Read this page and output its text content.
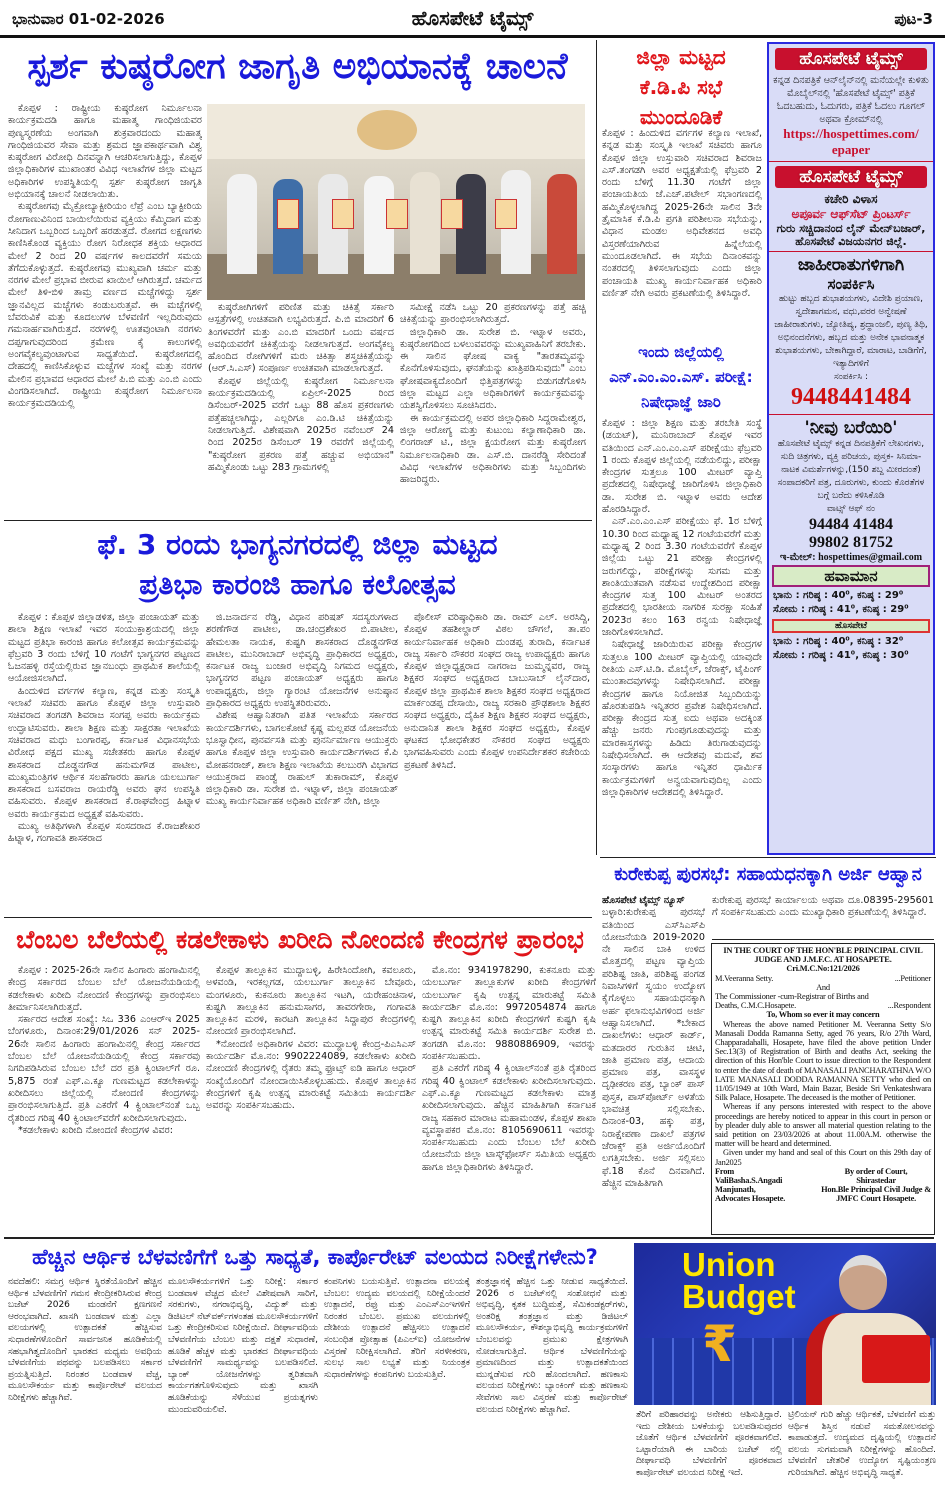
ಭಾನುವಾರ 01-02-2026	ಹೊಸಪೇಟೆ ಟೈಮ್ಸ್	ಪುಟ-3
ಸ್ಪರ್ಶ ಕುಷ್ಠರೋಗ ಜಾಗೃತಿ ಅಭಿಯಾನಕ್ಕೆ ಚಾಲನೆ

ಕೊಪ್ಪಳ : ರಾಷ್ಟ್ರೀಯ ಕುಷ್ಠರೋಗ ನಿರ್ಮೂಲನಾ ಕಾರ್ಯಕ್ರಮದಡಿ ಹಾಗೂ ಮಹಾತ್ಮ ಗಾಂಧಿಜಿಯವರ ಪುಣ್ಯಸ್ಮರಣೆಯ ಅಂಗವಾಗಿ ಶುಕ್ರವಾರದಂದು ಮಹಾತ್ಮ ಗಾಂಧಿಜಿಯವರ ಸೇವಾ ಮತ್ತು ಶ್ರಮದ ಜ್ಞಾಪಕಾರ್ಥವಾಗಿ ವಿಶ್ವ ಕುಷ್ಠರೋಗ ವಿರೋಧಿ ದಿನವನ್ನಾಗಿ ಆಚರಿಸಲಾಗುತ್ತಿದ್ದು, ಕೊಪ್ಪಳ ಜಿಲ್ಲಾಧಿಕಾರಿಗಳ ಮುಖಾಂತರ ವಿವಿಧ ಇಲಾಖೆಗಳ ಜಿಲ್ಲಾ ಮಟ್ಟದ ಅಧಿಕಾರಿಗಳ ಉಪಸ್ಥಿತಿಯಲ್ಲಿ ಸ್ಪರ್ಶ ಕುಷ್ಠರೋಗ ಜಾಗೃತಿ ಅಭಿಯಾನಕ್ಕೆ ಚಾಲನೆ ನೀಡಲಾಯಿತು.

ಕುಷ್ಠರೋಗವು ಮೈಕ್ರೋಬ್ಯಾಕ್ಟೀರಿಯಂ ಲೆಪ್ರೆ ಎಂಬ ಬ್ಯಾಕ್ಟೀರಿಯ ರೋಗಾಣುವಿನಿಂದ ಬಾಯಿಲೆಯಿರುವ ವ್ಯಕ್ತಿಯು ಕೆಮ್ಮಿದಾಗ ಮತ್ತು ಸೀನಿದಾಗ ಒಬ್ಬರಿಂದ ಒಬ್ಬರಿಗೆ ಹರಡುತ್ತದೆ. ರೋಗದ ಲಕ್ಷಣಗಳು ಕಾಣಿಸಿಕೊಂಡ ವ್ಯಕ್ತಿಯು ರೋಗ ನಿರೋಧಕ ಶಕ್ತಿಯ ಆಧಾರದ ಮೇಲೆ 2 ರಿಂದ 20 ವರ್ಷಗಳ ಕಾಲದವರೆಗೆ ಸಮಯ ತೆಗೆದುಕೊಳ್ಳುತ್ತದೆ. ಕುಷ್ಠರೋಗವು ಮುಖ್ಯವಾಗಿ ಚರ್ಮ ಮತ್ತು ನರಗಳ ಮೇಲೆ ಪ್ರಭಾವ ಬೀರುವ ಖಾಯಿಲೆ ಆಗಿರುತ್ತದೆ. ಚರ್ಮದ ಮೇಲೆ ತಿಳಿ-ಬಿಳಿ ತಾಮ್ರ ವರ್ಣದ ಮಚ್ಚೆಗಳಿದ್ದು ಸ್ಪರ್ಶ ಜ್ಞಾನವಿಲ್ಲದ ಮಚ್ಚೆಗಳು ಕಂಡುಬರುತ್ತವೆ. ಈ ಮಚ್ಚೆಗಳಲ್ಲಿ ಬೆವರುವಿಕೆ ಮತ್ತು ಕೂದಲುಗಳ ಬೆಳವಣಿಗೆ ಇಲ್ಲದಿರುವುದು ಗಮನಾರ್ಹವಾಗಿರುತ್ತದೆ. ನರಗಳಲ್ಲಿ ಊತವುಂಟಾಗಿ ನರಗಳು ದಪ್ಪಗಾಗುವುದರಿಂದ ಕ್ರಮೇಣ ಕೈ ಕಾಲುಗಳಲ್ಲಿ ಅಂಗವೈಕಲ್ಯವುಂಟಾಗುವ ಸಾಧ್ಯತೆಯಿದೆ. ಕುಷ್ಠರೋಗದಲ್ಲಿ ದೇಹದಲ್ಲಿ ಕಾಣಿಸಿಕೊಳ್ಳುವ ಮಚ್ಚೆಗಳ ಸಂಖ್ಯೆ ಮತ್ತು ನರಗಳ ಮೇಲಿನ ಪ್ರಭಾವದ ಆಧಾರದ ಮೇಲೆ ಪಿ.ಬಿ ಮತ್ತು ಎಂ.ಬಿ ಎಂದು ವಿಂಗಡಿಸಲಾಗಿದೆ. ರಾಷ್ಟ್ರೀಯ ಕುಷ್ಠರೋಗ ನಿರ್ಮೂಲನಾ ಕಾರ್ಯಕ್ರಮದಡಿಯಲ್ಲಿ

ಕುಷ್ಠರೋಗಿಗಳಿಗೆ ಪರಿಣಿತ ಮತ್ತು ಚಿಕಿತ್ಸೆ ಸರ್ಕಾರಿ ಆಸ್ಪತ್ರೆಗಳಲ್ಲಿ ಉಚಿತವಾಗಿ ಲಭ್ಯವಿರುತ್ತದೆ. ಪಿ.ಬಿ ಮಾದರಿಗೆ 6 ತಿಂಗಳವರೆಗೆ ಮತ್ತು ಎಂ.ಬಿ ಮಾದರಿಗೆ ಒಂದು ವರ್ಷದ ಅವಧಿಯವರೆಗೆ ಚಿಕಿತ್ಸೆಯನ್ನು ನೀಡಲಾಗುತ್ತದೆ. ಅಂಗವೈಕಲ್ಯ ಹೊಂದಿದ ರೋಗಿಗಳಿಗೆ ಮರು ಚಿಕಿತ್ಸಾ ಶಸ್ತ್ರಚಿಕಿತ್ಸೆಯನ್ನು (ಆರ್.ಸಿ.ಎಸ್) ಸಂಪೂರ್ಣ ಉಚಿತವಾಗಿ ಮಾಡಲಾಗುತ್ತದೆ.

ಕೊಪ್ಪಳ ಜಿಲ್ಲೆಯಲ್ಲಿ ಕುಷ್ಠರೋಗ ನಿರ್ಮೂಲನಾ ಕಾರ್ಯಕ್ರಮದಡಿಯಲ್ಲಿ ಏಪ್ರಿಲ್-2025 ರಿಂದ ಡಿಸೆಂಬರ್-2025 ವರೆಗೆ ಒಟ್ಟು 88 ಹೊಸ ಪ್ರಕರಣಗಳು ಪತ್ತೆಹಚ್ಚಲಾಗಿದ್ದು, ಎಲ್ಲರಿಗೂ ಎಂ.ಡಿ.ಟಿ ಚಿಕಿತ್ಸೆಯನ್ನು ನೀಡಲಾಗುತ್ತಿದೆ. ವಿಶೇಷವಾಗಿ 2025ರ ನವೆಂಬರ್ 24 ರಿಂದ 2025ರ ಡಿಸೆಂಬರ್ 19 ರವರೆಗೆ ಜಿಲ್ಲೆಯಲ್ಲಿ "ಕುಷ್ಠರೋಗ ಪ್ರಕರಣ ಪತ್ತೆ ಹಚ್ಚುವ ಅಭಿಯಾನ" ಹಮ್ಮಿಕೊಂಡು ಒಟ್ಟು 283 ಗ್ರಾಮಗಳಲ್ಲಿ

ಸಮೀಕ್ಷೆ ನಡೆಸಿ ಒಟ್ಟು 20 ಪ್ರಕರಣಗಳನ್ನು ಪತ್ತೆ ಹಚ್ಚಿ ಚಿಕಿತ್ಸೆಯನ್ನು ಪ್ರಾರಂಭಿಸಲಾಗಿರುತ್ತದೆ.

ಜಿಲ್ಲಾಧಿಕಾರಿ ಡಾ. ಸುರೇಶ ಬಿ. ಇಟ್ನಾಳ ಅವರು, ಕುಷ್ಠರೋಗದಿಂದ ಬಳಲುವವರನ್ನು ಮುಖ್ಯವಾಹಿನಿಗೆ ತರಬೇಕು. ಈ ಸಾಲಿನ ಘೋಷ ವಾಕ್ಯ "ತಾರತಮ್ಯವನ್ನು ಕೊನೆಗೊಳಿಸುವುದು, ಘನತೆಯನ್ನು ಖಾತ್ರಿಪಡಿಸುವುದು" ಎಂಬ ಘೋಷವಾಕ್ಯದೊಂದಿಗೆ ಭಿತ್ತಿಪತ್ರಗಳನ್ನು ಬಿಡುಗಡೆಗೊಳಿಸಿ ಜಿಲ್ಲಾ ಮಟ್ಟದ ಎಲ್ಲಾ ಅಧಿಕಾರಿಗಳಿಗೆ ಕಾರ್ಯಕ್ರಮವನ್ನು ಯಶಸ್ವಿಗೊಳಿಸಲು ಸೂಚಿಸಿದರು.

ಈ ಕಾರ್ಯಕ್ರಮದಲ್ಲಿ ಅಪರ ಜಿಲ್ಲಾಧಿಕಾರಿ ಸಿದ್ದರಾಮೇಶ್ವರ, ಜಿಲ್ಲಾ ಆರೋಗ್ಯ ಮತ್ತು ಕುಟುಂಬ ಕಲ್ಯಾಣಾಧಿಕಾರಿ ಡಾ. ಲಿಂಗರಾಜ್ ಟಿ., ಜಿಲ್ಲಾ ಕ್ಷಯರೋಗ ಮತ್ತು ಕುಷ್ಠರೋಗ ನಿರ್ಮೂಲನಾಧಿಕಾರಿ ಡಾ. ಎಸ್.ಬಿ. ದಾನರೆಡ್ಡಿ ಸೇರಿದಂತೆ ವಿವಿಧ ಇಲಾಖೆಗಳ ಅಧಿಕಾರಿಗಳು ಮತ್ತು ಸಿಬ್ಬಂದಿಗಳು ಹಾಜರಿದ್ದರು.

ಫೆ. 3 ರಂದು ಭಾಗ್ಯನಗರದಲ್ಲಿ ಜಿಲ್ಲಾ ಮಟ್ಟದ
ಪ್ರತಿಭಾ ಕಾರಂಜಿ ಹಾಗೂ ಕಲೋತ್ಸವ

ಕೊಪ್ಪಳ : ಕೊಪ್ಪಳ ಜಿಲ್ಲಾಡಳಿತ, ಜಿಲ್ಲಾ ಪಂಚಾಯತ್ ಮತ್ತು ಶಾಲಾ ಶಿಕ್ಷಣ ಇಲಾಖೆ ಇವರ ಸಂಯುಕ್ತಾಶ್ರಯದಲ್ಲಿ ಜಿಲ್ಲಾ ಮಟ್ಟದ ಪ್ರತಿಭಾ ಕಾರಂಜಿ ಹಾಗೂ ಕಲೋತ್ಸವ ಕಾರ್ಯಕ್ರಮವನ್ನು ಫೆಬ್ರವರಿ 3 ರಂದು ಬೆಳಿಗ್ಗೆ 10 ಗಂಟೆಗೆ ಭಾಗ್ಯನಗರ ಪಟ್ಟಣದ ಓಜನಹಳ್ಳಿ ರಸ್ತೆಯಲ್ಲಿರುವ ಜ್ಞಾನಬಂಧು ಪ್ರಾಥಮಿಕ ಶಾಲೆಯಲ್ಲಿ ಆಯೋಜಿಸಲಾಗಿದೆ.

ಹಿಂದುಳಿದ ವರ್ಗಗಳ ಕಲ್ಯಾಣ, ಕನ್ನಡ ಮತ್ತು ಸಂಸ್ಕೃತಿ ಇಲಾಖೆ ಸಚಿವರು ಹಾಗೂ ಕೊಪ್ಪಳ ಜಿಲ್ಲಾ ಉಸ್ತುವಾರಿ ಸಚಿವರಾದ ತಂಗಡಗಿ ಶಿವರಾಜ ಸಂಗಪ್ಪ ಅವರು ಕಾರ್ಯಕ್ರಮ ಉದ್ಘಾಟಿಸುವರು. ಶಾಲಾ ಶಿಕ್ಷಣ ಮತ್ತು ಸಾಕ್ಷರತಾ ಇಲಾಖೆಯ ಸಚಿವರಾದ ಮಧು ಬಂಗಾರಪ್ಪ, ಕರ್ನಾಟಕ ವಿಧಾನಸಭೆಯ ವಿರೋಧ ಪಕ್ಷದ ಮುಖ್ಯ ಸಚೇತಕರು ಹಾಗೂ ಕೊಪ್ಪಳ ಶಾಸಕರಾದ ದೊಡ್ಡನಗೌಡ ಹನುಮಗೌಡ ಪಾಟೀಲ, ಮುಖ್ಯಮಂತ್ರಿಗಳ ಆರ್ಥಿಕ ಸಲಹೆಗಾರರು ಹಾಗೂ ಯಲಬುರ್ಗಾ ಶಾಸಕರಾದ ಬಸವರಾಜ ರಾಯರೆಡ್ಡಿ ಅವರು ಘನ ಉಪಸ್ಥಿತಿ ವಹಿಸುವರು. ಕೊಪ್ಪಳ ಶಾಸಕರಾದ ಕೆ.ರಾಘವೇಂದ್ರ ಹಿಟ್ನಾಳ ಅವರು ಕಾರ್ಯಕ್ರಮದ ಅಧ್ಯಕ್ಷತೆ ವಹಿಸುವರು.

ಮುಖ್ಯ ಅತಿಥಿಗಳಾಗಿ ಕೊಪ್ಪಳ ಸಂಸದರಾದ ಕೆ.ರಾಜಶೇಖರ ಹಿಟ್ನಾಳ, ಗಂಗಾವತಿ ಶಾಸಕರಾದ

ಜಿ.ಜನಾರ್ದನ ರೆಡ್ಡಿ, ವಿಧಾನ ಪರಿಷತ್ ಸದಸ್ಯರುಗಳಾದ ಶರಣೆಗೌಡ ಪಾಟೀಲ, ಡಾ.ಚಂದ್ರಶೇಖರ ಬಿ.ಪಾಟೀಲ, ಹೇಮಲತಾ ನಾಯಕ, ಕುಷ್ಟಗಿ ಶಾಸಕರಾದ ದೊಡ್ಡನಗೌಡ ಪಾಟೀಲ, ಮುನಿರಾಬಾದ್ ಅಭಿವೃದ್ಧಿ ಪ್ರಾಧಿಕಾರದ ಅಧ್ಯಕ್ಷರು, ಕರ್ನಾಟಕ ರಾಜ್ಯ ಬಂಜಾರ ಅಭಿವೃದ್ಧಿ ನಿಗಮದ ಅಧ್ಯಕ್ಷರು, ಭಾಗ್ಯನಗರ ಪಟ್ಟಣ ಪಂಚಾಯತ್ ಅಧ್ಯಕ್ಷರು ಹಾಗೂ ಉಪಾಧ್ಯಕ್ಷರು, ಜಿಲ್ಲಾ ಗ್ಯಾರಂಟಿ ಯೋಜನೆಗಳ ಅನುಷ್ಠಾನ ಪ್ರಾಧಿಕಾರದ ಅಧ್ಯಕ್ಷರು ಉಪಸ್ಥಿತರಿರುವರು.

ವಿಶೇಷ ಆಹ್ವಾನಿತರಾಗಿ ಪತಿತ ಇಲಾಖೆಯ ಸರ್ಕಾರದ ಕಾರ್ಯದರ್ಶಿಗಳು, ಬಾಗಲಕೋಟೆ ಕೃಷ್ಣ ಮಲ್ಲಪಡ ಯೋಜನೆಯ ಭೂಸ್ವಾಧೀನ, ಪುನರ್ವಸತಿ ಮತ್ತು ಪುನರ್ನಿರ್ಮಾಣ ಆಯುಕ್ತರು ಹಾಗೂ ಕೊಪ್ಪಳ ಜಿಲ್ಲಾ ಉಸ್ತುವಾರಿ ಕಾರ್ಯದರ್ಶಿಗಳಾದ ಕೆ.ಪಿ ಮೋಹನರಾಜ್, ಶಾಲಾ ಶಿಕ್ಷಣ ಇಲಾಖೆಯ ಕಲಬುರಗಿ ವಿಭಾಗದ ಆಯುಕ್ತರಾದ ಪಾಂಡ್ವೆ ರಾಹುಲ್ ತುಕಾರಾಮ್, ಕೊಪ್ಪಳ ಜಿಲ್ಲಾಧಿಕಾರಿ ಡಾ. ಸುರೇಶ ಬಿ. ಇಟ್ನಾಳ್, ಜಿಲ್ಲಾ ಪಂಚಾಯತ್ ಮುಖ್ಯ ಕಾರ್ಯನಿರ್ವಾಹಕ ಅಧಿಕಾರಿ ವರ್ಣಿತ್ ನೇಗಿ, ಜಿಲ್ಲಾ

ಪೊಲೀಸ್ ವರಿಷ್ಠಾಧಿಕಾರಿ ಡಾ. ರಾಮ್ ಎಲ್. ಅರಸಿದ್ದಿ, ಕೊಪ್ಪಳ ತಹಶೀಲ್ದಾರ್ ವಿಠಲ ಚೌಗಲೆ, ತಾ.ಪಂ ಕಾರ್ಯನಿರ್ವಾಹಕ ಅಧಿಕಾರಿ ದುಂಡಪ್ಪ ತುರಾದಿ, ಕರ್ನಾಟಕ ರಾಜ್ಯ ಸರ್ಕಾರಿ ನೌಕರರ ಸಂಘದ ರಾಜ್ಯ ಉಪಾಧ್ಯಕ್ಷರು ಹಾಗೂ ಕೊಪ್ಪಳ ಜಿಲ್ಲಾಧ್ಯಕ್ಷರಾದ ನಾಗರಾಜ ಜುಮ್ಮನ್ನವರ, ರಾಜ್ಯ ಶಿಕ್ಷಕರ ಸಂಘದ ಅಧ್ಯಕ್ಷರಾದ ಬಾಬುಸಾಬ್ ಲೈನ್‌ದಾರ, ಕೊಪ್ಪಳ ಜಿಲ್ಲಾ ಪ್ರಾಥಮಿಕ ಶಾಲಾ ಶಿಕ್ಷಕರ ಸಂಘದ ಅಧ್ಯಕ್ಷರಾದ ಮಾರ್ಕಂಡಪ್ಪ ದೇಸಾಯಿ, ರಾಜ್ಯ ಸರಕಾರಿ ಪ್ರೌಢಶಾಲಾ ಶಿಕ್ಷಕರ ಸಂಘದ ಅಧ್ಯಕ್ಷರು, ದೈಹಿಕ ಶಿಕ್ಷಣ ಶಿಕ್ಷಕರ ಸಂಘದ ಅಧ್ಯಕ್ಷರು, ಅನುದಾನಿತ ಶಾಲಾ ಶಿಕ್ಷಕರ ಸಂಘದ ಅಧ್ಯಕ್ಷರು, ಕೊಪ್ಪಳ ಘಟಕದ ಭೋಧಕೇತರ ನೌಕರರ ಸಂಘದ ಅಧ್ಯಕ್ಷರು ಭಾಗವಹಿಸುವರು ಎಂದು ಕೊಪ್ಪಳ ಉಪನಿರ್ದೇಶಕರ ಕಚೇರಿಯ ಪ್ರಕಟಣೆ ತಿಳಿಸಿದೆ.

ಬೆಂಬಲ ಬೆಲೆಯಲ್ಲಿ ಕಡಲೇಕಾಳು ಖರೀದಿ ನೋಂದಣಿ ಕೇಂದ್ರಗಳ ಪ್ರಾರಂಭ

ಕೊಪ್ಪಳ : 2025-26ನೇ ಸಾಲಿನ ಹಿಂಗಾರು ಹಂಗಾಮಿನಲ್ಲಿ ಕೇಂದ್ರ ಸರ್ಕಾರದ ಬೆಂಬಲ ಬೆಲೆ ಯೋಜನೆಯಡಿಯಲ್ಲಿ ಕಡಲೇಕಾಳು ಖರೀದಿ ನೋಂದಣಿ ಕೇಂದ್ರಗಳನ್ನು ಪ್ರಾರಂಭಿಸಲು ತೀರ್ಮಾನಿಸಲಾಗಿರುತ್ತದೆ.

ಸರ್ಕಾರದ ಆದೇಶ ಸಂಖ್ಯೆ: ಸಿಒ 336 ಎಂಆರ್‌ಇ 2025 ಬೆಂಗಳೂರು, ದಿನಾಂಕ:29/01/2026 ಸನ್ 2025-26ನೇ ಸಾಲಿನ ಹಿಂಗಾರು ಹಂಗಾಮಿನಲ್ಲಿ ಕೇಂದ್ರ ಸರ್ಕಾರದ ಬೆಂಬಲ ಬೆಲೆ ಯೋಜನೆಯಡಿಯಲ್ಲಿ ಕೇಂದ್ರ ಸರ್ಕಾರವು ನಿಗದಿಪಡಿಸಿರುವ ಬೆಂಬಲ ಬೆಲೆ ದರ ಪ್ರತಿ ಕ್ವಿಂಟಾಲ್‌ಗೆ ರೂ. 5,875 ರಂತೆ ಎಫ್.ಎ.ಕ್ಯೂ ಗುಣಮಟ್ಟದ ಕಡಲೇಕಾಳನ್ನು ಖರೀದಿಸಲು ಜಿಲ್ಲೆಯಲ್ಲಿ ನೋಂದಣಿ ಕೇಂದ್ರಗಳನ್ನು ಪ್ರಾರಂಭಿಸಲಾಗುತ್ತಿದೆ. ಪ್ರತಿ ಎಕರೆಗೆ 4 ಕ್ವಿಂಟಾಲ್‌ನಂತೆ ಒಬ್ಬ ರೈತರಿಂದ ಗರಿಷ್ಠ 40 ಕ್ವಿಂಟಾಲ್‌ವರೆಗೆ ಖರೀದಿಸಲಾಗುವುದು.

*ಕಡಲೇಕಾಳು ಖರೀದಿ ನೋಂದಣಿ ಕೇಂದ್ರಗಳ ವಿವರ:

ಕೊಪ್ಪಳ ತಾಲ್ಲೂಕಿನ ಮುದ್ದಾಬಳ್ಳಿ, ಹಿರೇಸಿಂದೋಗಿ, ಕವಲೂರು, ಅಳವಂಡಿ, ಇರಕಲ್ಲಗಡ, ಯಲಬುರ್ಗಾ ತಾಲ್ಲೂಕಿನ ಬೇವೂರು, ಮಂಗಳೂರು, ಕುಕನೂರು ತಾಲ್ಲೂಕಿನ ಇಟಗಿ, ಯರೇಹಂಚಿನಾಳ, ಕುಷ್ಟಗಿ ತಾಲ್ಲೂಕಿನ ಹನುಮಸಾಗರ, ತಾವರಗೇರಾ, ಗಂಗಾವತಿ ತಾಲ್ಲೂಕಿನ ಮರಳಿ, ಕಾರಟಗಿ ತಾಲ್ಲೂಕಿನ ಸಿದ್ದಾಪುರ ಕೇಂದ್ರಗಳಲ್ಲಿ ನೋಂದಣಿ ಪ್ರಾರಂಭಿಸಲಾಗಿದೆ.

*ನೋಂದಣಿ ಅಧಿಕಾರಿಗಳ ವಿವರ: ಮುದ್ದಾಬಳ್ಳಿ ಕೇಂದ್ರ-ಪಿಎಸಿಎಸ್ ಕಾರ್ಯದರ್ಶಿ ಮೊ.ನಂ: 9902224089, ಕಡಲೇಕಾಳು ಖರೀದಿ ನೋಂದಣಿ ಕೇಂದ್ರಗಳಲ್ಲಿ ರೈತರು ತಮ್ಮ ಫ್ರೂಟ್ಸ್ ಐಡಿ ಹಾಗೂ ಆಧಾರ್ ಸಂಖ್ಯೆಯೊಂದಿಗೆ ನೋಂದಾಯಿಸಿಕೊಳ್ಳಬಹುದು. ಕೊಪ್ಪಳ ತಾಲ್ಲೂಕಿನ ಕೇಂದ್ರಗಳಿಗೆ ಕೃಷಿ ಉತ್ಪನ್ನ ಮಾರುಕಟ್ಟೆ ಸಮಿತಿಯ ಕಾರ್ಯದರ್ಶಿ ಅವರನ್ನು ಸಂಪರ್ಕಿಸಬಹುದು.

ಮೊ.ನಂ: 9341978290, ಕುಕನೂರು ಮತ್ತು ಯಲಬುರ್ಗಾ ತಾಲ್ಲೂಕುಗಳ ಖರೀದಿ ಕೇಂದ್ರಗಳಿಗೆ ಯಲಬುರ್ಗಾ ಕೃಷಿ ಉತ್ಪನ್ನ ಮಾರುಕಟ್ಟೆ ಸಮಿತಿ ಕಾರ್ಯದರ್ಶಿ ಮೊ.ನಂ: 9972054874 ಹಾಗೂ ಕುಷ್ಟಗಿ ತಾಲ್ಲೂಕಿನ ಖರೀದಿ ಕೇಂದ್ರಗಳಿಗೆ ಕುಷ್ಟಗಿ ಕೃಷಿ ಉತ್ಪನ್ನ ಮಾರುಕಟ್ಟೆ ಸಮಿತಿ ಕಾರ್ಯದರ್ಶಿ ಸುರೇಶ ಬಿ. ತಂಗಡಗಿ ಮೊ.ನಂ: 9880886909, ಇವರನ್ನು ಸಂಪರ್ಕಿಸಬಹುದು.

ಪ್ರತಿ ಎಕರೆಗೆ ಗರಿಷ್ಠ 4 ಕ್ವಿಂಟಾಲ್‌ನಂತೆ ಪ್ರತಿ ರೈತರಿಂದ ಗರಿಷ್ಠ 40 ಕ್ವಿಂಟಾಲ್ ಕಡಲೇಕಾಳು ಖರೀದಿಸಲಾಗುವುದು. ಎಫ್.ಎ.ಕ್ಯೂ ಗುಣಮಟ್ಟದ ಕಡಲೇಕಾಳು ಮಾತ್ರ ಖರೀದಿಸಲಾಗುವುದು. ಹೆಚ್ಚಿನ ಮಾಹಿತಿಗಾಗಿ ಕರ್ನಾಟಕ ರಾಜ್ಯ ಸಹಕಾರ ಮಾರಾಟ ಮಹಾಮಂಡಳ, ಕೊಪ್ಪಳ ಶಾಖಾ ವ್ಯವಸ್ಥಾಪಕರ ಮೊ.ನಂ: 8105690611 ಇವರನ್ನು ಸಂಪರ್ಕಿಸಬಹುದು ಎಂದು ಬೆಂಬಲ ಬೆಲೆ ಖರೀದಿ ಯೋಜನೆಯ ಜಿಲ್ಲಾ ಟಾಸ್ಕ್‌ಫೋರ್ಸ್ ಸಮಿತಿಯ ಅಧ್ಯಕ್ಷರು ಹಾಗೂ ಜಿಲ್ಲಾಧಿಕಾರಿಗಳು ತಿಳಿಸಿದ್ದಾರೆ.

ಜಿಲ್ಲಾ ಮಟ್ಟದ
ಕೆ.ಡಿ.ಪಿ ಸಭೆ
ಮುಂದೂಡಿಕೆ

ಕೊಪ್ಪಳ : ಹಿಂದುಳಿದ ವರ್ಗಗಳ ಕಲ್ಯಾಣ ಇಲಾಖೆ, ಕನ್ನಡ ಮತ್ತು ಸಂಸ್ಕೃತಿ ಇಲಾಖೆ ಸಚಿವರು ಹಾಗೂ ಕೊಪ್ಪಳ ಜಿಲ್ಲಾ ಉಸ್ತುವಾರಿ ಸಚಿವರಾದ ಶಿವರಾಜ ಎಸ್.ತಂಗಡಗಿ ಅವರ ಅಧ್ಯಕ್ಷತೆಯಲ್ಲಿ ಫೆಬ್ರವರಿ 2 ರಂದು ಬೆಳಿಗ್ಗೆ 11.30 ಗಂಟೆಗೆ ಜಿಲ್ಲಾ ಪಂಚಾಯತಿಯ ಜೆ.ಎಚ್.ಪಟೇಲ್ ಸಭಾಂಗಣದಲ್ಲಿ ಹಮ್ಮಿಕೊಳ್ಳಲಾಗಿದ್ದ 2025-26ನೇ ಸಾಲಿನ 3ನೇ ತ್ರೈಮಾಸಿಕ ಕೆ.ಡಿ.ಪಿ ಪ್ರಗತಿ ಪರಿಶೀಲನಾ ಸಭೆಯನ್ನು, ವಿಧಾನ ಮಂಡಲ ಅಧಿವೇಶನದ ಅವಧಿ ವಿಸ್ತರಣೆಯಾಗಿರುವ ಹಿನ್ನೆಲೆಯಲ್ಲಿ ಮುಂದೂಡಲಾಗಿದೆ. ಈ ಸಭೆಯ ದಿನಾಂಕವನ್ನು ನಂತರದಲ್ಲಿ ತಿಳಿಸಲಾಗುವುದು ಎಂದು ಜಿಲ್ಲಾ ಪಂಚಾಯತಿ ಮುಖ್ಯ ಕಾರ್ಯನಿರ್ವಾಹಕ ಅಧಿಕಾರಿ ವರ್ಣಿತ್ ನೇಗಿ ಅವರು ಪ್ರಕಟಣೆಯಲ್ಲಿ ತಿಳಿಸಿದ್ದಾರೆ.

ಇಂದು ಜಿಲ್ಲೆಯಲ್ಲಿ
ಎನ್.ಎಂ.ಎಂ.ಎಸ್. ಪರೀಕ್ಷೆ:
ನಿಷೇಧಾಜ್ಞೆ ಜಾರಿ

ಕೊಪ್ಪಳ : ಜಿಲ್ಲಾ ಶಿಕ್ಷಣ ಮತ್ತು ತರಬೇತಿ ಸಂಸ್ಥೆ (ಡಯಟ್), ಮುನಿರಾಬಾದ್ ಕೊಪ್ಪಳ ಇವರ ವತಿಯಿಂದ ಎನ್.ಎಂ.ಎಂ.ಎಸ್ ಪರೀಕ್ಷೆಯು ಫೆಬ್ರವರಿ 1 ರಂದು ಕೊಪ್ಪಳ ಜಿಲ್ಲೆಯಲ್ಲಿ ನಡೆಯಲಿದ್ದು, ಪರೀಕ್ಷಾ ಕೇಂದ್ರಗಳ ಸುತ್ತಲೂ 100 ಮೀಟರ್ ವ್ಯಾಪ್ತಿ ಪ್ರದೇಶದಲ್ಲಿ ನಿಷೇಧಾಜ್ಞೆ ಜಾರಿಗೊಳಿಸಿ ಜಿಲ್ಲಾಧಿಕಾರಿ ಡಾ. ಸುರೇಶ ಬಿ. ಇಟ್ನಾಳ ಅವರು ಆದೇಶ ಹೊರಡಿಸಿದ್ದಾರೆ.

ಎನ್.ಎಂ.ಎಂ.ಎಸ್ ಪರೀಕ್ಷೆಯು ಫೆ. 1ರ ಬೆಳಿಗ್ಗೆ 10.30 ರಿಂದ ಮಧ್ಯಾಹ್ನ 12 ಗಂಟೆಯವರೆಗೆ ಮತ್ತು ಮಧ್ಯಾಹ್ನ 2 ರಿಂದ 3.30 ಗಂಟೆಯವರೆಗೆ ಕೊಪ್ಪಳ ಜಿಲ್ಲೆಯ ಒಟ್ಟು 21 ಪರೀಕ್ಷಾ ಕೇಂದ್ರಗಳಲ್ಲಿ ಜರುಗಲಿದ್ದು, ಪರೀಕ್ಷೆಗಳನ್ನು ಸುಗಮ ಮತ್ತು ಶಾಂತಿಯುತವಾಗಿ ನಡೆಸುವ ಉದ್ದೇಶದಿಂದ ಪರೀಕ್ಷಾ ಕೇಂದ್ರಗಳ ಸುತ್ತ 100 ಮೀಟರ್ ಅಂತರದ ಪ್ರದೇಶದಲ್ಲಿ ಭಾರತೀಯ ನಾಗರಿಕ ಸುರಕ್ಷಾ ಸಂಹಿತೆ 2023ರ ಕಲಂ 163 ರನ್ವಯ ನಿಷೇಧಾಜ್ಞೆ ಜಾರಿಗೊಳಿಸಲಾಗಿದೆ.

ನಿಷೇಧಾಜ್ಞೆ ಜಾರಿಯಿರುವ ಪರೀಕ್ಷಾ ಕೇಂದ್ರಗಳ ಸುತ್ತಲೂ 100 ಮೀಟರ್ ವ್ಯಾಪ್ತಿಯಲ್ಲಿ ಯಾವುದೇ ರೀತಿಯ ಎಸ್.ಟಿ.ಡಿ. ಮೊಬೈಲ್, ಜೆರಾಕ್ಸ್, ಟೈಪಿಂಗ್ ಮುಂತಾದವುಗಳನ್ನು ನಿಷೇಧಿಸಲಾಗಿದೆ. ಪರೀಕ್ಷಾ ಕೇಂದ್ರಗಳ ಹಾಗೂ ನಿಯೋಜಿತ ಸಿಬ್ಬಂದಿಯನ್ನು ಹೊರತುಪಡಿಸಿ ಇನ್ನಿತರರ ಪ್ರವೇಶ ನಿಷೇಧಿಸಲಾಗಿದೆ. ಪರೀಕ್ಷಾ ಕೇಂದ್ರದ ಸುತ್ತ ಐದು ಅಥವಾ ಅದಕ್ಕಿಂತ ಹೆಚ್ಚು ಜನರು ಗುಂಪುಗೂಡುವುದನ್ನು ಮತ್ತು ಮಾರಕಾಸ್ತ್ರಗಳನ್ನು ಹಿಡಿದು ತಿರುಗಾಡುವುದನ್ನು ನಿಷೇಧಿಸಲಾಗಿದೆ. ಈ ಆದೇಶವು ಮದುವೆ, ಶವ ಸಂಸ್ಕಾರಗಳು ಹಾಗೂ ಇನ್ನಿತರ ಧಾರ್ಮಿಕ ಕಾರ್ಯಕ್ರಮಗಳಿಗೆ ಅನ್ವಯವಾಗುವುದಿಲ್ಲ ಎಂದು ಜಿಲ್ಲಾಧಿಕಾರಿಗಳ ಆದೇಶದಲ್ಲಿ ತಿಳಿಸಿದ್ದಾರೆ.

ಹೊಸಪೇಟೆ ಟೈಮ್ಸ್
ಕನ್ನಡ ದಿನಪತ್ರಿಕೆ ಆನ್‌ಲೈನ್‌ನಲ್ಲಿ ಮನೆಯಲ್ಲೇ ಕುಳಿತು ಮೊಬೈಲ್‌ನಲ್ಲಿ 'ಹೊಸಪೇಟೆ ಟೈಮ್ಸ್' ಪತ್ರಿಕೆ ಓದಬಹುದು, ಓದುಗರು, ಪತ್ರಿಕೆ ಓದಲು ಗೂಗಲ್ ಅಥವಾ ಕ್ರೋಮ್‌ನಲ್ಲಿ
https://hospettimes.com/ epaper
ಹೊಸಪೇಟೆ ಟೈಮ್ಸ್
ಕಚೇರಿ ವಿಳಾಸ
ಅಪೂರ್ವ ಆಫ್‌ಸೆಟ್ ಪ್ರಿಂಟರ್ಸ್
ಗುರು ಸಚ್ಚಿದಾನಂದ ಲೈನ್ ಮೇನ್‌ಬಜಾರ್, ಹೊಸಪೇಟೆ ವಿಜಯನಗರ ಜಿಲ್ಲೆ.
ಜಾಹೀರಾತುಗಳಿಗಾಗಿ
ಸಂಪರ್ಕಿಸಿ
ಹುಟ್ಟು ಹಬ್ಬದ ಶುಭಾಶಯಗಳು, ವಿದೇಶಿ ಪ್ರಯಾಣ, ಸ್ವದೇಶಾಗಮನ, ವಧು,ವರರ ಅನ್ವೇಷಣೆ ಜಾಹೀರಾತುಗಳು, ಜ್ಯೋತಿಷ್ಯ, ಶ್ರದ್ಧಾಂಜಲಿ, ಪುಣ್ಯ ತಿಥಿ, ಅಭಿನಂದನೆಗಳು, ಹಬ್ಬದ ಮತ್ತು ಅನೇಕ ಭಾವನಾತ್ಮಕ ಶುಭಾಶಯಗಳು, ಬೇಕಾಗಿದ್ದಾರೆ, ಮಾರಾಟ, ಬಾಡಿಗೆಗೆ, ಇತ್ಯಾದಿಗಳಿಗೆ
ಸಂಪರ್ಕಿಸಿ :
9448441484
'ನೀವು ಬರೆಯಿರಿ'
ಹೊಸಪೇಟೆ ಟೈಮ್ಸ್ ಕನ್ನಡ ದಿನಪತ್ರಿಕೆಗೆ ಲೇಖನಗಳು, ಸುದಿ ಚಿತ್ರಗಳು, ವ್ಯಕ್ತಿ ಪರಿಚಯ, ಪುಸ್ತಕ- ಸಿನಿಮಾ-ನಾಟಕ ವಿಮರ್ಶೆಗಳನ್ನು,(150 ಶಬ್ದ ಮೀರದಂತೆ) ಸಂಪಾದಕರಿಗೆ ಪತ್ರ, ದೂರುಗಳು, ಕುಂದು ಕೊರತೆಗಳ ಬಗ್ಗೆ ಬರೆದು ಕಳಿಸಿಕೊಡಿ
ವಾಟ್ಸ್ ಆಫ್ ನಂ
94484 41484
99802 81752
ಇ-ಮೇಲ್: hospettimes@gmail.com
ಹವಾಮಾನ
ಭಾನು : ಗರಿಷ್ಠ : 40⁰, ಕನಿಷ್ಠ : 29⁰
ಸೋಮ : ಗರಿಷ್ಠ : 41⁰, ಕನಿಷ್ಠ : 29⁰
ಹೊಸಪೇಟೆ
ಭಾನು : ಗರಿಷ್ಠ : 40⁰, ಕನಿಷ್ಠ : 32⁰
ಸೋಮ : ಗರಿಷ್ಠ : 41⁰, ಕನಿಷ್ಠ : 30⁰
ಕುರೇಕುಪ್ಪ ಪುರಸಭೆ: ಸಹಾಯಧನಕ್ಕಾಗಿ ಅರ್ಜಿ ಆಹ್ವಾನ
ಹೊಸಪೇಟೆ ಟೈಮ್ಸ್ ನ್ಯೂಸ್

ಬಳ್ಳಾರಿ:ಕುರೇಕುಪ್ಪ ಪುರಸಭೆ ವತಿಯಿಂದ ಎಸ್‌ಸಿಎಸ್‌ಪಿ ಯೋಜನೆಯಡಿ 2019-2020 ನೇ ಸಾಲಿನ ಬಾಕಿ ಉಳಿದ ಮೊತ್ತದಲ್ಲಿ ಪಟ್ಟಣ ವ್ಯಾಪ್ತಿಯ ಪರಿಶಿಷ್ಟ ಜಾತಿ, ಪರಿಶಿಷ್ಟ ಪಂಗಡ ನಿವಾಸಿಗಳಿಗೆ ಸ್ವಯಂ ಉದ್ಯೋಗ ಕೈಗೊಳ್ಳಲು ಸಹಾಯಧನಕ್ಕಾಗಿ ಅರ್ಹ ಫಲಾನುಭವಿಗಳಿಂದ ಅರ್ಜಿ ಆಹ್ವಾನಿಸಲಾಗಿದೆ. *ಬೇಕಾದ ದಾಖಲೆಗಳು: ಆಧಾರ್ ಕಾರ್ಡ್, ಮತದಾರರ ಗುರುತಿನ ಚೀಟಿ, ಜಾತಿ ಪ್ರಮಾಣ ಪತ್ರ, ಆದಾಯ ಪ್ರಮಾಣ ಪತ್ರ, ವಾಸಸ್ಥಳ ದೃಢೀಕರಣ ಪತ್ರ, ಬ್ಯಾಂಕ್ ಪಾಸ್ ಪುಸ್ತಕ, ಪಾಸ್‌ಪೋರ್ಟ್ ಅಳತೆಯ ಭಾವಚಿತ್ರ ಸಲ್ಲಿಸಬೇಕು. ದಿನಾಂಕ-03, ಹಕ್ಕು ಪತ್ರ, ನಿರಾಕ್ಷೇಪಣಾ ದಾಖಲೆ ಪತ್ರಗಳ ಜೆರಾಕ್ಸ್ ಪ್ರತಿ ಅರ್ಜಿಯೊಂದಿಗೆ ಲಗತ್ತಿಸಬೇಕು. ಅರ್ಜಿ ಸಲ್ಲಿಸಲು ಫೆ.18 ಕೊನೆ ದಿನವಾಗಿದೆ. ಹೆಚ್ಚಿನ ಮಾಹಿತಿಗಾಗಿ

ಕುರೇಕುಪ್ಪ ಪುರಸಭೆ ಕಾರ್ಯಾಲಯ ಅಥವಾ ದೂ.08395-295601 ಗೆ ಸಂಪರ್ಕಿಸಬಹುದು ಎಂದು ಮುಖ್ಯಾಧಿಕಾರಿ ಪ್ರಕಟಣೆಯಲ್ಲಿ ತಿಳಿಸಿದ್ದಾರೆ.

IN THE COURT OF THE HON'BLE PRINCIPAL CIVIL JUDGE AND J.M.F.C. AT HOSAPETE.
Cri.M.C.No:121/2026
M.Veeranna Setty.	...Petitioner
And
The Commissioner -cum-Registrar of Births and Deaths, C.M.C.Hosapete.	...Respondent
To, Whom so ever it may concern

Whereas the above named Petitioner M. Veeranna Setty S/o Manasali Dodda Ramanna Setty, aged 76 years, R/o 27th Ward, Chapparadahalli, Hosapete, have filed the above petition Under Sec.13(3) of Registration of Birth and deaths Act, seeking the direction of this Hon'ble Court to issue direction to the Respondent to enter the date of death of MANASALI PANCHARATHNA W/O LATE MANASALI DODDA RAMANNA SETTY who died on 11/05/1949 at 10th Ward, Main Bazar, Beside Sri Venkateshwara Silk Palace, Hosapete. The deceased is the mother of Petitioner.

Whereas if any persons interested with respect to the above proceedings are hereby noticed to appear in this court in person or by pleader duly able to answer all material question relating to the said petition on 23/03/2026 at about 11.00A.M. otherwise the matter will be heard and determined.

Given under my hand and seal of this Court on this 29th day of Jan2025

From
ValiBasha.S.Angadi
Manjunath,
Advocates Hosapete.
By order of Court,
Shirastedar
Hon.Ble Principal Civil Judge &
JMFC Court Hosapete.
ಹೆಚ್ಚಿನ ಆರ್ಥಿಕ ಬೆಳವಣಿಗೆಗೆ ಒತ್ತು ಸಾಧ್ಯತೆ, ಕಾರ್ಪೊರೇಟ್ ವಲಯದ ನಿರೀಕ್ಷೆಗಳೇನು?
ನವದೆಹಲಿ: ಸಮಗ್ರ ಆರ್ಥಿಕ ಸ್ಥಿರತೆಯೊಂದಿಗೆ ಹೆಚ್ಚಿನ ಆರ್ಥಿಕ ಬೆಳವಣಿಗೆಗೆ ಗಮನ ಕೇಂದ್ರೀಕರಿಸಿರುವ ಕೇಂದ್ರ ಬಜೆಟ್ 2026 ಮಂಡನೆಗೆ ಕ್ಷಣಗಣನೆ ಆರಂಭವಾಗಿದೆ. ಖಾಸಗಿ ಬಂಡವಾಳ ಮತ್ತು ಎಲ್ಲಾ ವಲಯಗಳಲ್ಲಿ ಉತ್ಪಾದಕತೆ ಹೆಚ್ಚಿಸುವ ಸುಧಾರಣೆಗಳೊಂದಿಗೆ ಸಾರ್ವಜನಿಕ ಹೂಡಿಕೆಯಲ್ಲಿ ಸಹಭಾಗಿತ್ವದೊಂದಿಗೆ ಭಾರತದ ಮಧ್ಯಮ ಅವಧಿಯ ಬೆಳವಣಿಗೆಯ ಪಥವನ್ನು ಬಲಪಡಿಸಲು ಸರ್ಕಾರ ಪ್ರಯತ್ನಿಸುತ್ತಿದೆ. ನಿರಂತರ ಬಂಡವಾಳ ವೆಚ್ಚ, ಮೂಲಸೌಕರ್ಯ ಮತ್ತು ಕಾರ್ಪೊರೇಟ್ ವಲಯದ ನಿರೀಕ್ಷೆಗಳು ಹೆಚ್ಚಾಗಿವೆ.
ಮೂಲಸೌಕರ್ಯಗಳಿಗೆ ಒತ್ತು ನಿರೀಕ್ಷೆ: ಸರ್ಕಾರ ಬಂಡವಾಳ ವೆಚ್ಚದ ಮೇಲೆ ವಿಶೇಷವಾಗಿ ಸಾರಿಗೆ, ಸರಕುಗಳು, ನಗರಾಭಿವೃದ್ಧಿ, ವಿದ್ಯುತ್ ಮತ್ತು ಡಿಜಿಟಲ್ ನೆಟ್‌ವರ್ಕ್‌ಗಳಂತಹ ಮೂಲಸೌಕರ್ಯಗಳಿಗೆ ಒತ್ತು ಕೇಂದ್ರೀಕರಿಸುವ ನಿರೀಕ್ಷೆಯಿದೆ. ದೀರ್ಘಾವಧಿಯ ಬೆಳವಣಿಗೆಯ ಬೆಂಬಲ ಮತ್ತು ದಕ್ಷತೆ ಸುಧಾರಣೆ, ಹೂಡಿಕೆ ಹೆಚ್ಚಳ ಮತ್ತು ಭಾರತದ ದೀರ್ಘಾವಧಿಯ ಬೆಳವಣಿಗೆಗೆ ಸಾಮರ್ಥ್ಯವನ್ನು ಬಲಪಡಿಸಲಿದೆ. ಬ್ಯಾಂಕ್ ಯೋಜನೆಗಳನ್ನು ತ್ವರಿತವಾಗಿ ಕಾರ್ಯಗತಗೊಳಿಸುವುದು ಮತ್ತು ಖಾಸಗಿ ಹೂಡಿಕೆಯನ್ನು ಸೆಳೆಯುವ ಪ್ರಯತ್ನಗಳು ಮುಂದುವರಿಯಲಿವೆ.
ಕಂಪನಿಗಳು ಬಯಸುತ್ತಿವೆ. ಉತ್ಪಾದನಾ ವಲಯಕ್ಕೆ ಬೆಂಬಲ: ಉದ್ಯಮ ವಲಯದಲ್ಲಿ ನಿರೀಕ್ಷೆಯೆಂದರೆ ಉತ್ಪಾದನೆ, ರಫ್ತು ಮತ್ತು ಎಂಎಸ್‌ಎಂಇಗಳಿಗೆ ನಿರಂತರ ಬೆಂಬಲ. ಪ್ರಮುಖ ವಲಯಗಳಲ್ಲಿ ದೇಶೀಯ ಉತ್ಪಾದನೆ ಹೆಚ್ಚಿಸಲು ಉತ್ಪಾದನೆ ಸಂಬಂಧಿತ ಪ್ರೋತ್ಸಾಹ (ಪಿಎಲ್‌ಐ) ಯೋಜನೆಗಳ ವಿಸ್ತರಣೆ ನಿರೀಕ್ಷಿಸಲಾಗಿದೆ. ತೆರಿಗೆ ಸರಳೀಕರಣ, ಸುಲಭ ಸಾಲ ಲಭ್ಯತೆ ಮತ್ತು ನಿಯಂತ್ರಕ ಸುಧಾರಣೆಗಳನ್ನು ಕಂಪನಿಗಳು ಬಯಸುತ್ತಿವೆ.
ತಂತ್ರಜ್ಞಾನಕ್ಕೆ ಹೆಚ್ಚಿನ ಒತ್ತು ನೀಡುವ ಸಾಧ್ಯತೆಯಿದೆ. 2026 ರ ಬಜೆಟ್‌ನಲ್ಲಿ ಸಂಶೋಧನೆ ಮತ್ತು ಅಭಿವೃದ್ಧಿ, ಕೃತಕ ಬುದ್ಧಿಮತ್ತೆ, ಸೆಮಿಕಂಡಕ್ಟರ್‌ಗಳು, ಅಂತರಿಕ್ಷ ತಂತ್ರಜ್ಞಾನ ಮತ್ತು ಡಿಜಿಟಲ್ ಮೂಲಸೌಕರ್ಯ, ಕೌಶಲ್ಯಾಭಿವೃದ್ಧಿ ಕಾರ್ಯಕ್ರಮಗಳಿಗೆ ಬೆಂಬಲವನ್ನು ಪ್ರಮುಖ ಕ್ಷೇತ್ರಗಳಾಗಿ ನೋಡಲಾಗುತ್ತಿದೆ. ಆರ್ಥಿಕ ಬೆಳವಣಿಗೆಯನ್ನು ಪ್ರಮಾಣದಿಂದ ಮತ್ತು ಉತ್ಪಾದಕತೆಯಿಂದ ಮುನ್ನಡೆಸುವ ಗುರಿ ಹೊಂದಲಾಗಿದೆ. ಹಣಕಾಸು ವಲಯದ ನಿರೀಕ್ಷೆಗಳು: ಬ್ಯಾಂಕಿಂಗ್ ಮತ್ತು ಹಣಕಾಸು ಸೇವೆಗಳು ಸಾಲ ವಿಸ್ತರಣೆ ಮತ್ತು ಕಾರ್ಪೊರೇಟ್ ವಲಯದ ನಿರೀಕ್ಷೆಗಳು ಹೆಚ್ಚಾಗಿವೆ.
Union Budget
₹
ತೆರಿಗೆ ಪರಿಹಾರವನ್ನು ಅನೇಕರು ಆಶಿಸುತ್ತಿದ್ದಾರೆ. ಇದು ದೇಶೀಯ ಬಳಕೆಯನ್ನು ಬಲಪಡಿಸುವುದರ ಜೊತೆಗೆ ಆರ್ಥಿಕ ಬೆಳವಣಿಗೆಗೆ ಪೂರಕವಾಗಲಿದೆ. ಒಟ್ಟಾರೆಯಾಗಿ ಈ ಬಾರಿಯ ಬಜೆಟ್ ನಲ್ಲಿ ದೀರ್ಘಾವಧಿ ಬೆಳವಣಿಗೆಗೆ ಪೂರಕವಾದ ಕಾರ್ಪೊರೇಟ್ ವಲಯದ ನಿರೀಕ್ಷೆ ಇದೆ.
ಟ್ರಿಲಿಯನ್ ಗುರಿ ಹೆಚ್ಚು ಆರ್ಥಿಕತೆ, ಬೆಳವಣಿಗೆ ಮತ್ತು ಆರ್ಥಿಕ ಶಿಸ್ತಿನ ನಡುವೆ ಸಮತೋಲನವನ್ನು ಕಾಪಾಡುತ್ತದೆ. ಉದ್ಯಮದ ದೃಷ್ಟಿಯಲ್ಲಿ ಉತ್ಪಾದನೆ ವಲಯ ಸುಗಮವಾಗಿ ನಿರೀಕ್ಷೆಗಳನ್ನು ಹೊಂದಿದೆ. ಬೆಳವಣಿಗೆ ಚೇತರಿಕೆ ಉದ್ಯೋಗ ಸೃಷ್ಟಿಯಂತ್ರಣ ಗುರಿಯಾಗಿದೆ. ಹೆಚ್ಚಿನ ಅಭಿವೃದ್ಧಿ ಸಾಧ್ಯತೆ.
